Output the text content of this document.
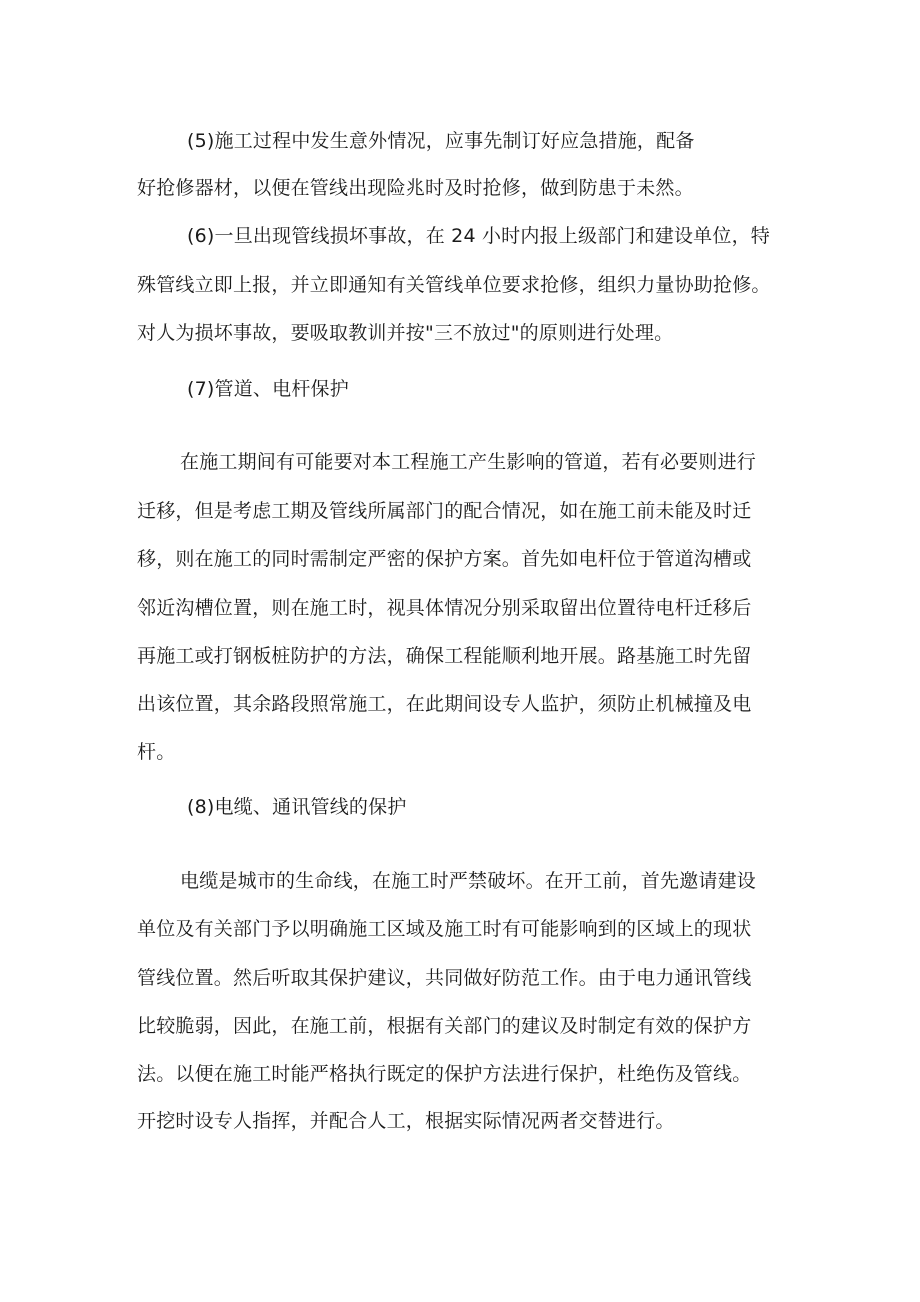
(5)施工过程中发生意外情况，应事先制订好应急措施，配备
好抢修器材，以便在管线出现险兆时及时抢修，做到防患于未然。
(6)一旦出现管线损坏事故，在 24 小时内报上级部门和建设单位，特
殊管线立即上报，并立即通知有关管线单位要求抢修，组织力量协助抢修。
对人为损坏事故，要吸取教训并按"三不放过"的原则进行处理。
(7)管道、电杆保护
在施工期间有可能要对本工程施工产生影响的管道，若有必要则进行
迁移，但是考虑工期及管线所属部门的配合情况，如在施工前未能及时迁
移，则在施工的同时需制定严密的保护方案。首先如电杆位于管道沟槽或
邻近沟槽位置，则在施工时，视具体情况分别采取留出位置待电杆迁移后
再施工或打钢板桩防护的方法，确保工程能顺利地开展。路基施工时先留
出该位置，其余路段照常施工，在此期间设专人监护，须防止机械撞及电
杆。
(8)电缆、通讯管线的保护
电缆是城市的生命线，在施工时严禁破坏。在开工前，首先邀请建设
单位及有关部门予以明确施工区域及施工时有可能影响到的区域上的现状
管线位置。然后听取其保护建议，共同做好防范工作。由于电力通讯管线
比较脆弱，因此，在施工前，根据有关部门的建议及时制定有效的保护方
法。以便在施工时能严格执行既定的保护方法进行保护，杜绝伤及管线。
开挖时设专人指挥，并配合人工，根据实际情况两者交替进行。
